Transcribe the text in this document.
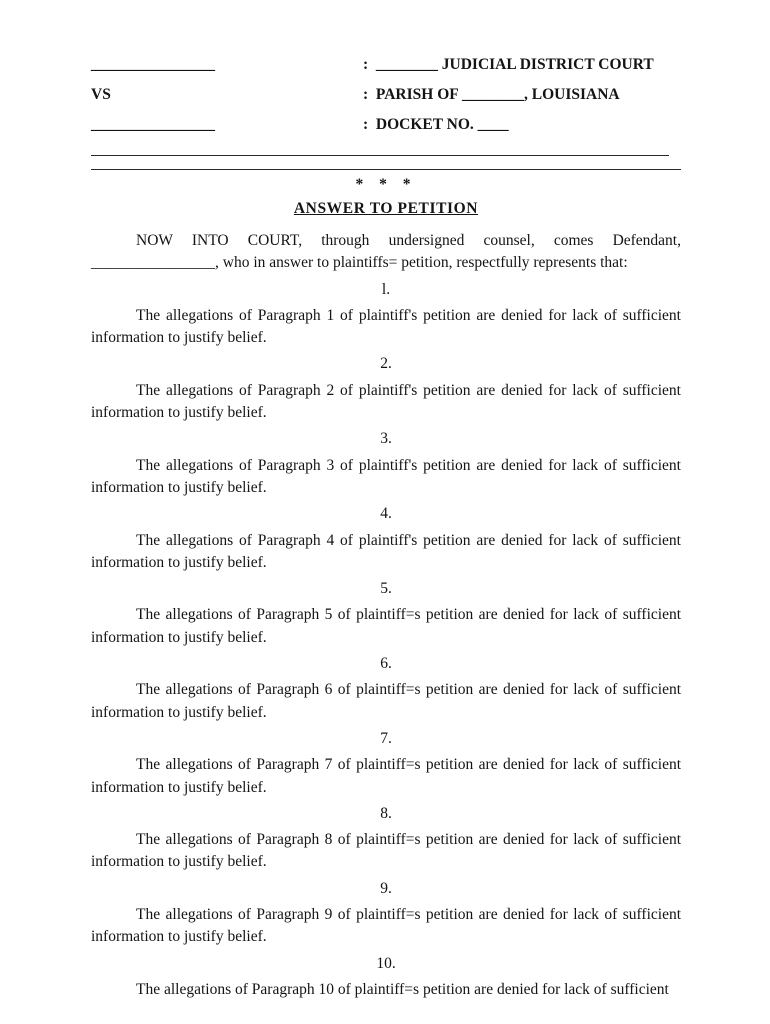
________________	:  ________ JUDICIAL DISTRICT COURT
VS	:  PARISH OF ________, LOUISIANA
________________	:  DOCKET NO. ____
* * *
ANSWER TO PETITION

NOW INTO COURT, through undersigned counsel, comes Defendant, ________________, who in answer to plaintiffs= petition, respectfully represents that:

l.

The allegations of Paragraph 1 of plaintiff's petition are denied for lack of sufficient information to justify belief.

2.

The allegations of Paragraph 2 of plaintiff's petition are denied for lack of sufficient information to justify belief.

3.

The allegations of Paragraph 3 of plaintiff's petition are denied for lack of sufficient information to justify belief.

4.

The allegations of Paragraph 4 of plaintiff's petition are denied for lack of sufficient information to justify belief.

5.

The allegations of Paragraph 5 of plaintiff=s petition are denied for lack of sufficient information to justify belief.

6.

The allegations of Paragraph 6 of plaintiff=s petition are denied for lack of sufficient information to justify belief.

7.

The allegations of Paragraph 7 of plaintiff=s petition are denied for lack of sufficient information to justify belief.

8.

The allegations of Paragraph 8 of plaintiff=s petition are denied for lack of sufficient information to justify belief.

9.

The allegations of Paragraph 9 of plaintiff=s petition are denied for lack of sufficient information to justify belief.

10.

The allegations of Paragraph 10 of plaintiff=s petition are denied for lack of sufficient
